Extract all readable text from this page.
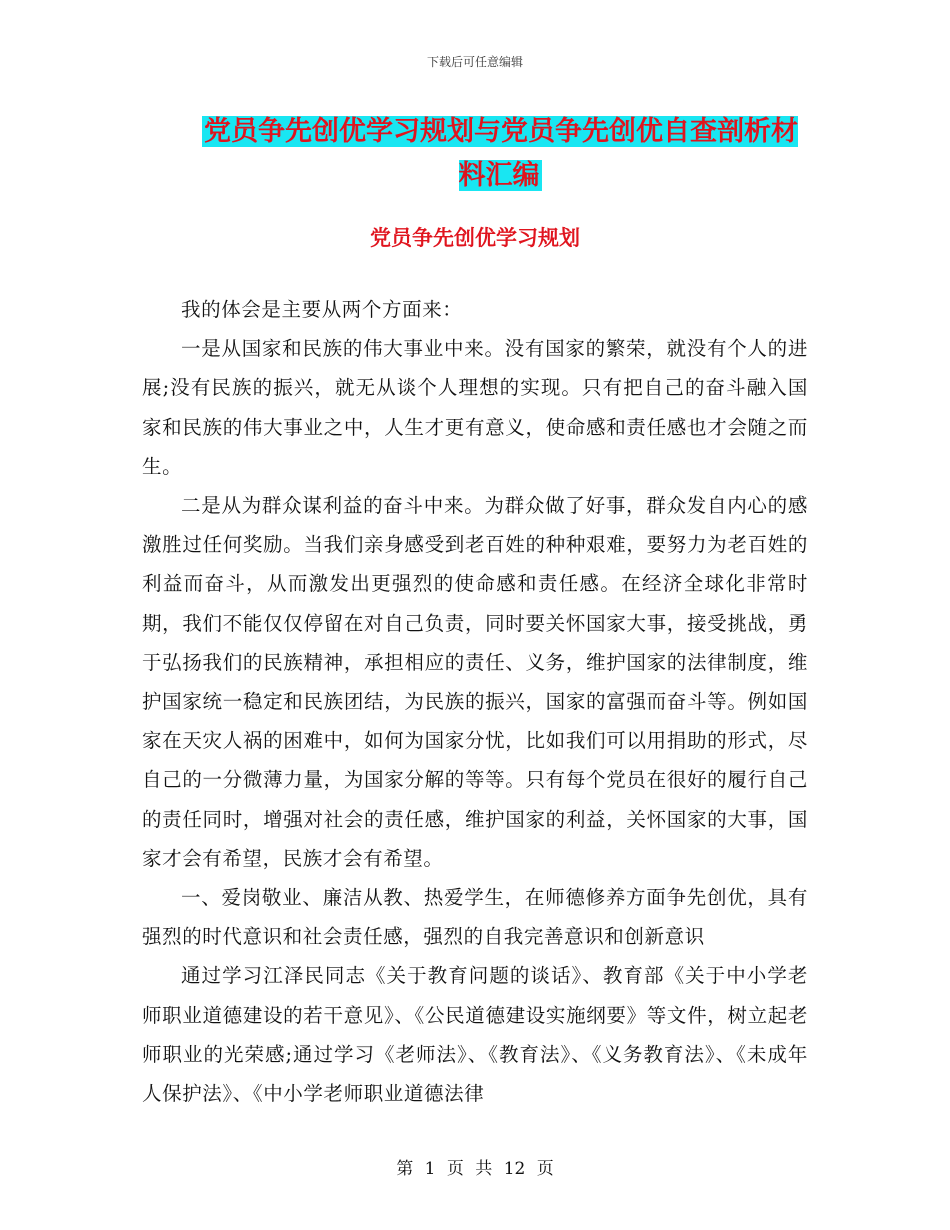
下载后可任意编辑
党员争先创优学习规划与党员争先创优自查剖析材料汇编
党员争先创优学习规划

我的体会是主要从两个方面来：

一是从国家和民族的伟大事业中来。没有国家的繁荣，就没有个人的进展;没有民族的振兴，就无从谈个人理想的实现。只有把自己的奋斗融入国家和民族的伟大事业之中，人生才更有意义，使命感和责任感也才会随之而生。

二是从为群众谋利益的奋斗中来。为群众做了好事，群众发自内心的感激胜过任何奖励。当我们亲身感受到老百姓的种种艰难，要努力为老百姓的利益而奋斗，从而激发出更强烈的使命感和责任感。在经济全球化非常时期，我们不能仅仅停留在对自己负责，同时要关怀国家大事，接受挑战，勇于弘扬我们的民族精神，承担相应的责任、义务，维护国家的法律制度，维护国家统一稳定和民族团结，为民族的振兴，国家的富强而奋斗等。例如国家在天灾人祸的困难中，如何为国家分忧，比如我们可以用捐助的形式，尽自己的一分微薄力量，为国家分解的等等。只有每个党员在很好的履行自己的责任同时，增强对社会的责任感，维护国家的利益，关怀国家的大事，国家才会有希望，民族才会有希望。

一、爱岗敬业、廉洁从教、热爱学生，在师德修养方面争先创优，具有强烈的时代意识和社会责任感，强烈的自我完善意识和创新意识

通过学习江泽民同志《关于教育问题的谈话》、教育部《关于中小学老师职业道德建设的若干意见》、《公民道德建设实施纲要》等文件，树立起老师职业的光荣感;通过学习《老师法》、《教育法》、《义务教育法》、《未成年人保护法》、《中小学老师职业道德法律

第 1 页 共 12 页
